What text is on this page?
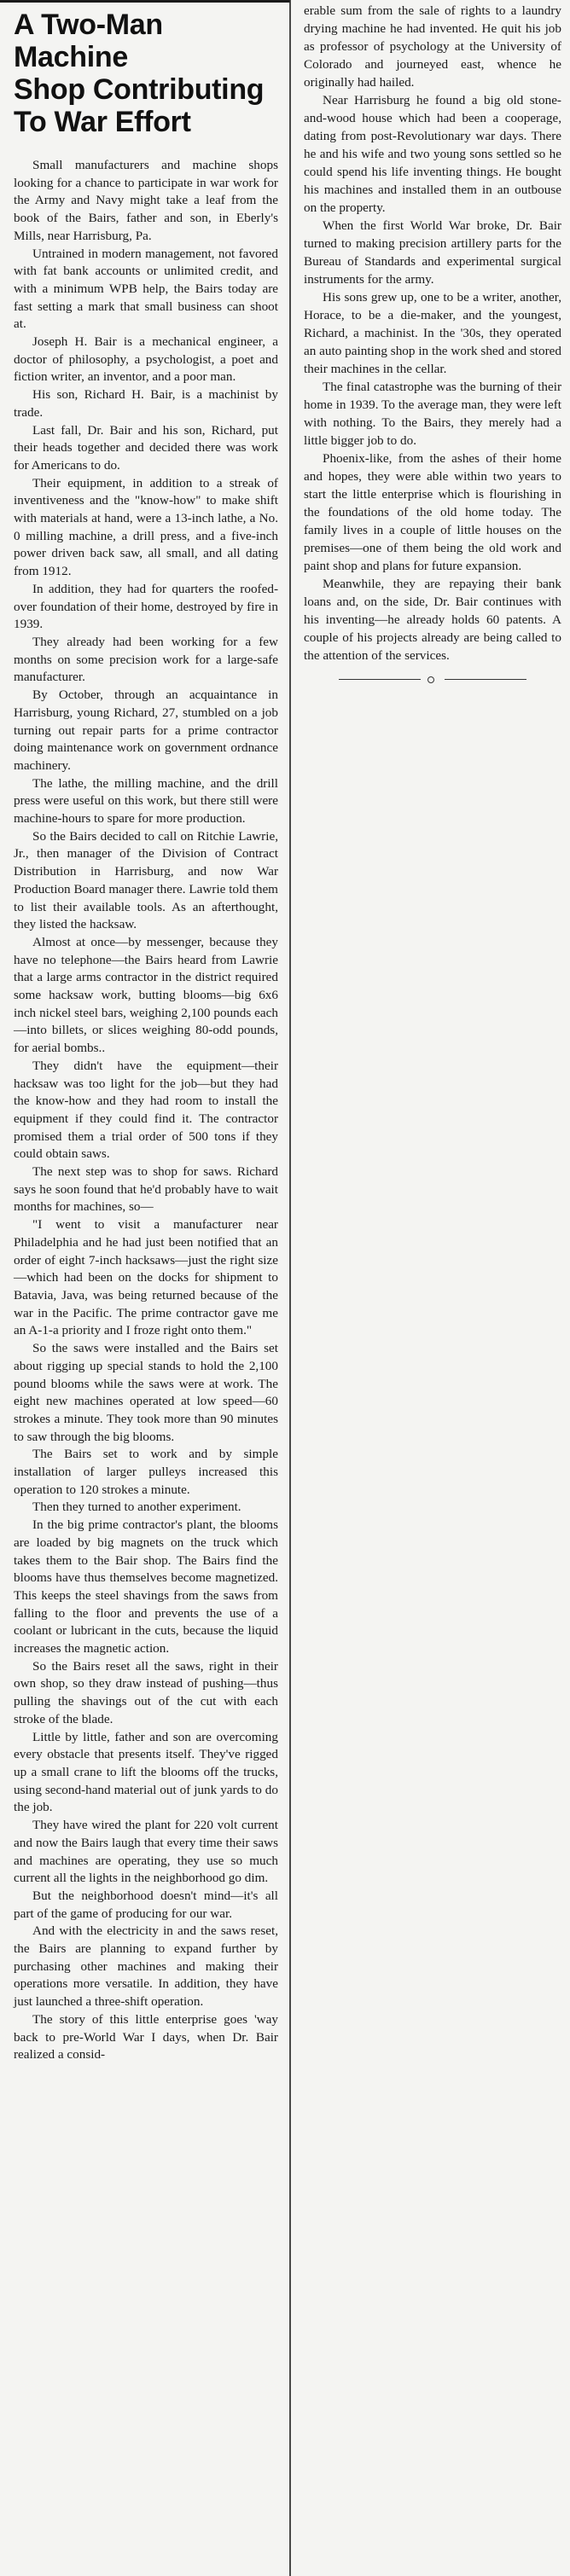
A Two-Man Machine
Shop Contributing
To War Effort

Small manufacturers and machine shops looking for a chance to participate in war work for the Army and Navy might take a leaf from the book of the Bairs, father and son, in Eberly's Mills, near Harrisburg, Pa.

Untrained in modern management, not favored with fat bank accounts or unlimited credit, and with a minimum WPB help, the Bairs today are fast setting a mark that small business can shoot at.

Joseph H. Bair is a mechanical engineer, a doctor of philosophy, a psychologist, a poet and fiction writer, an inventor, and a poor man.

His son, Richard H. Bair, is a machinist by trade.

Last fall, Dr. Bair and his son, Richard, put their heads together and decided there was work for Americans to do.

Their equipment, in addition to a streak of inventiveness and the "know-how" to make shift with materials at hand, were a 13-inch lathe, a No. 0 milling machine, a drill press, and a five-inch power driven back saw, all small, and all dating from 1912.

In addition, they had for quarters the roofed-over foundation of their home, destroyed by fire in 1939.

They already had been working for a few months on some precision work for a large-safe manufacturer.

By October, through an acquaintance in Harrisburg, young Richard, 27, stumbled on a job turning out repair parts for a prime contractor doing maintenance work on government ordnance machinery.

The lathe, the milling machine, and the drill press were useful on this work, but there still were machine-hours to spare for more production.

So the Bairs decided to call on Ritchie Lawrie, Jr., then manager of the Division of Contract Distribution in Harrisburg, and now War Production Board manager there. Lawrie told them to list their available tools. As an afterthought, they listed the hacksaw.

Almost at once—by messenger, because they have no telephone—the Bairs heard from Lawrie that a large arms contractor in the district required some hacksaw work, butting blooms—big 6x6 inch nickel steel bars, weighing 2,100 pounds each—into billets, or slices weighing 80-odd pounds, for aerial bombs..

They didn't have the equipment—their hacksaw was too light for the job—but they had the know-how and they had room to install the equipment if they could find it. The contractor promised them a trial order of 500 tons if they could obtain saws.

The next step was to shop for saws. Richard says he soon found that he'd probably have to wait months for machines, so—

"I went to visit a manufacturer near Philadelphia and he had just been notified that an order of eight 7-inch hacksaws—just the right size—which had been on the docks for shipment to Batavia, Java, was being returned because of the war in the Pacific. The prime contractor gave me an A-1-a priority and I froze right onto them."

So the saws were installed and the Bairs set about rigging up special stands to hold the 2,100 pound blooms while the saws were at work. The eight new machines operated at low speed—60 strokes a minute. They took more than 90 minutes to saw through the big blooms.

The Bairs set to work and by simple installation of larger pulleys increased this operation to 120 strokes a minute.

Then they turned to another experiment.

In the big prime contractor's plant, the blooms are loaded by big magnets on the truck which takes them to the Bair shop. The Bairs find the blooms have thus themselves become magnetized. This keeps the steel shavings from the saws from falling to the floor and prevents the use of a coolant or lubricant in the cuts, because the liquid increases the magnetic action.

So the Bairs reset all the saws, right in their own shop, so they draw instead of pushing—thus pulling the shavings out of the cut with each stroke of the blade.

Little by little, father and son are overcoming every obstacle that presents itself. They've rigged up a small crane to lift the blooms off the trucks, using second-hand material out of junk yards to do the job.

They have wired the plant for 220 volt current and now the Bairs laugh that every time their saws and machines are operating, they use so much current all the lights in the neighborhood go dim.

But the neighborhood doesn't mind—it's all part of the game of producing for our war.

And with the electricity in and the saws reset, the Bairs are planning to expand further by purchasing other machines and making their operations more versatile. In addition, they have just launched a three-shift operation.

The story of this little enterprise goes 'way back to pre-World War I days, when Dr. Bair realized a consid-

erable sum from the sale of rights to a laundry drying machine he had invented. He quit his job as professor of psychology at the University of Colorado and journeyed east, whence he originally had hailed.

Near Harrisburg he found a big old stone-and-wood house which had been a cooperage, dating from post-Revolutionary war days. There he and his wife and two young sons settled so he could spend his life inventing things. He bought his machines and installed them in an outbouse on the property.

When the first World War broke, Dr. Bair turned to making precision artillery parts for the Bureau of Standards and experimental surgical instruments for the army.

His sons grew up, one to be a writer, another, Horace, to be a die-maker, and the youngest, Richard, a machinist. In the '30s, they operated an auto painting shop in the work shed and stored their machines in the cellar.

The final catastrophe was the burning of their home in 1939. To the average man, they were left with nothing. To the Bairs, they merely had a little bigger job to do.

Phoenix-like, from the ashes of their home and hopes, they were able within two years to start the little enterprise which is flourishing in the foundations of the old home today. The family lives in a couple of little houses on the premises—one of them being the old work and paint shop and plans for future expansion.

Meanwhile, they are repaying their bank loans and, on the side, Dr. Bair continues with his inventing—he already holds 60 patents. A couple of his projects already are being called to the attention of the services.
